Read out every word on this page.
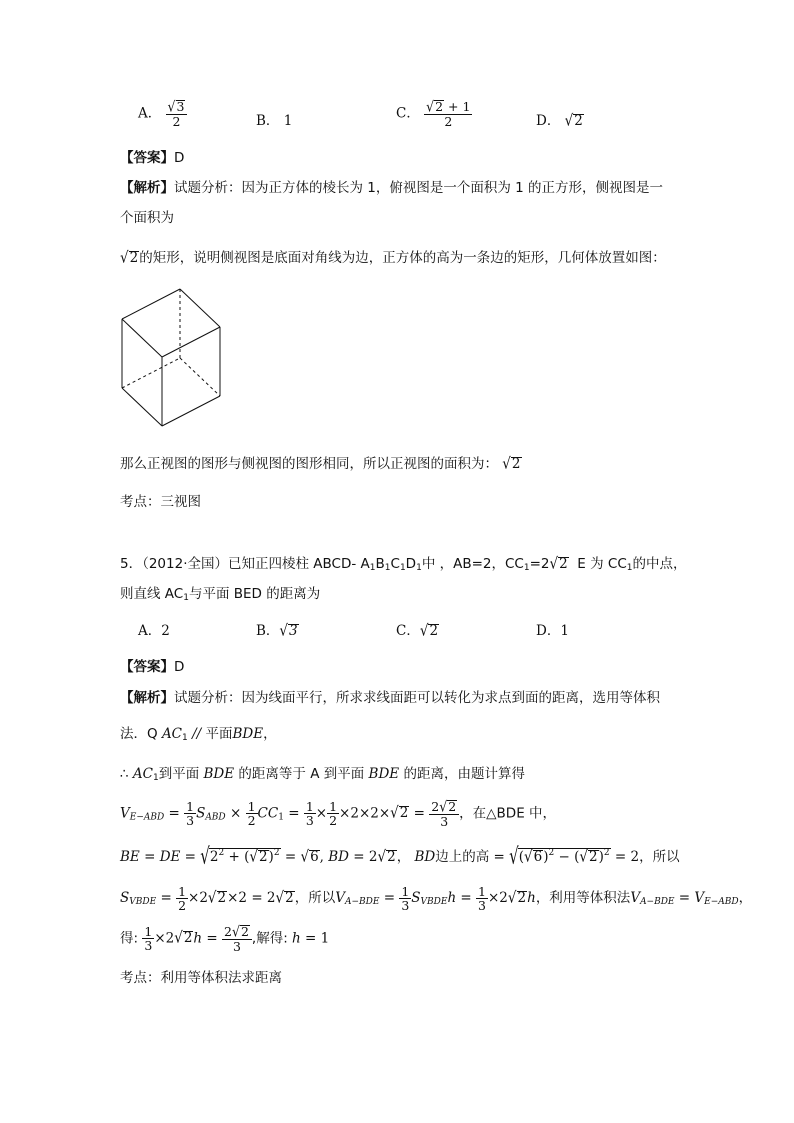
A． $\frac{√3}{2}$	B． 1	C． $\frac{√2 + 1}{2}$	D． √2
【答案】D
【解析】试题分析：因为正方体的棱长为 1，俯视图是一个面积为 1 的正方形，侧视图是一
个面积为
√2的矩形，说明侧视图是底面对角线为边，正方体的高为一条边的矩形，几何体放置如图：
那么正视图的图形与侧视图的图形相同，所以正视图的面积为： √2
考点：三视图
5．（2012·全国）已知正四棱柱 ABCD- $A_1B_1C_1D_1$中 ，AB=2，$CC_1=2√2$ E 为 $CC_1$的中点，
则直线 $AC_1$与平面 BED 的距离为
A．2	B．√3	C．√2	D．1
【答案】D
【解析】试题分析：因为线面平行，所求求线面距可以转化为求点到面的距离，选用等体积
法．Q $AC_1$ // 平面BDE，
∴ $AC_1$到平面 BDE 的距离等于 A 到平面 BDE 的距离，由题计算得
$V_{E-ABD} = \frac{1}{3} S_{ABD} \times \frac{1}{2} CC_1 = \frac{1}{3} \times \frac{1}{2} \times 2\times 2\times√2 = \frac{2√2}{3}$ ，在△BDE 中，
BE = DE = $√2^2 + (√2)^2 = √6$, BD = 2√2， BD边上的高 = $√(√6)^2 - (√2)^2 = 2$，所以
$S_{VBDE} = \frac{1}{2} \times 2√2\times 2 = 2√2$，所以$V_{A-BDE} = \frac{1}{3} S_{VBDE}h = \frac{1}{3} \times 2√2h$，利用等体积法$V_{A-BDE} = V_{E-ABD}$，
得: $\frac{1}{3} \times 2√2h = \frac{2√2}{3}$ ,解得: h = 1
考点：利用等体积法求距离
